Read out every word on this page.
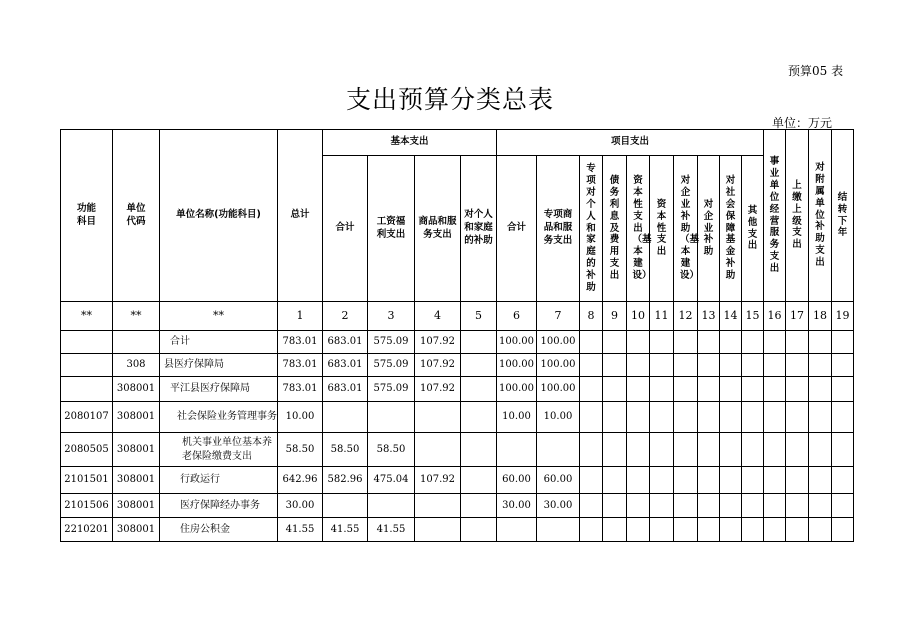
预算05 表
支出预算分类总表
单位：万元
功能科目	单位代码	单位名称(功能科目)	总计	基本支出				项目支出										事业单位经营服务支出	上缴上级支出	对附属单位补助支出	结转下年

				合计	工资福利支出	商品和服务支出	对个人和家庭的补助	合计	专项商品和服务支出	专项对个人和家庭的补助	债务利息及费用支出	资本性支出（基本建设）	资本性支出	对企业补助（基本建设）	对企业补助	对社会保障基金补助	其他支出				

**	**	**	1	2	3	4	5	6	7	8	9	10	11	12	13	14	15	16	17	18	19
		合计	783.01	683.01	575.09	107.92		100.00	100.00												
	308	县医疗保障局	783.01	683.01	575.09	107.92		100.00	100.00												
	308001	平江县医疗保障局	783.01	683.01	575.09	107.92		100.00	100.00												
2080107	308001	社会保险业务管理事务	10.00					10.00	10.00												
2080505	308001	机关事业单位基本养老保险缴费支出	58.50	58.50	58.50																
2101501	308001	行政运行	642.96	582.96	475.04	107.92		60.00	60.00												
2101506	308001	医疗保障经办事务	30.00					30.00	30.00												
2210201	308001	住房公积金	41.55	41.55	41.55																
